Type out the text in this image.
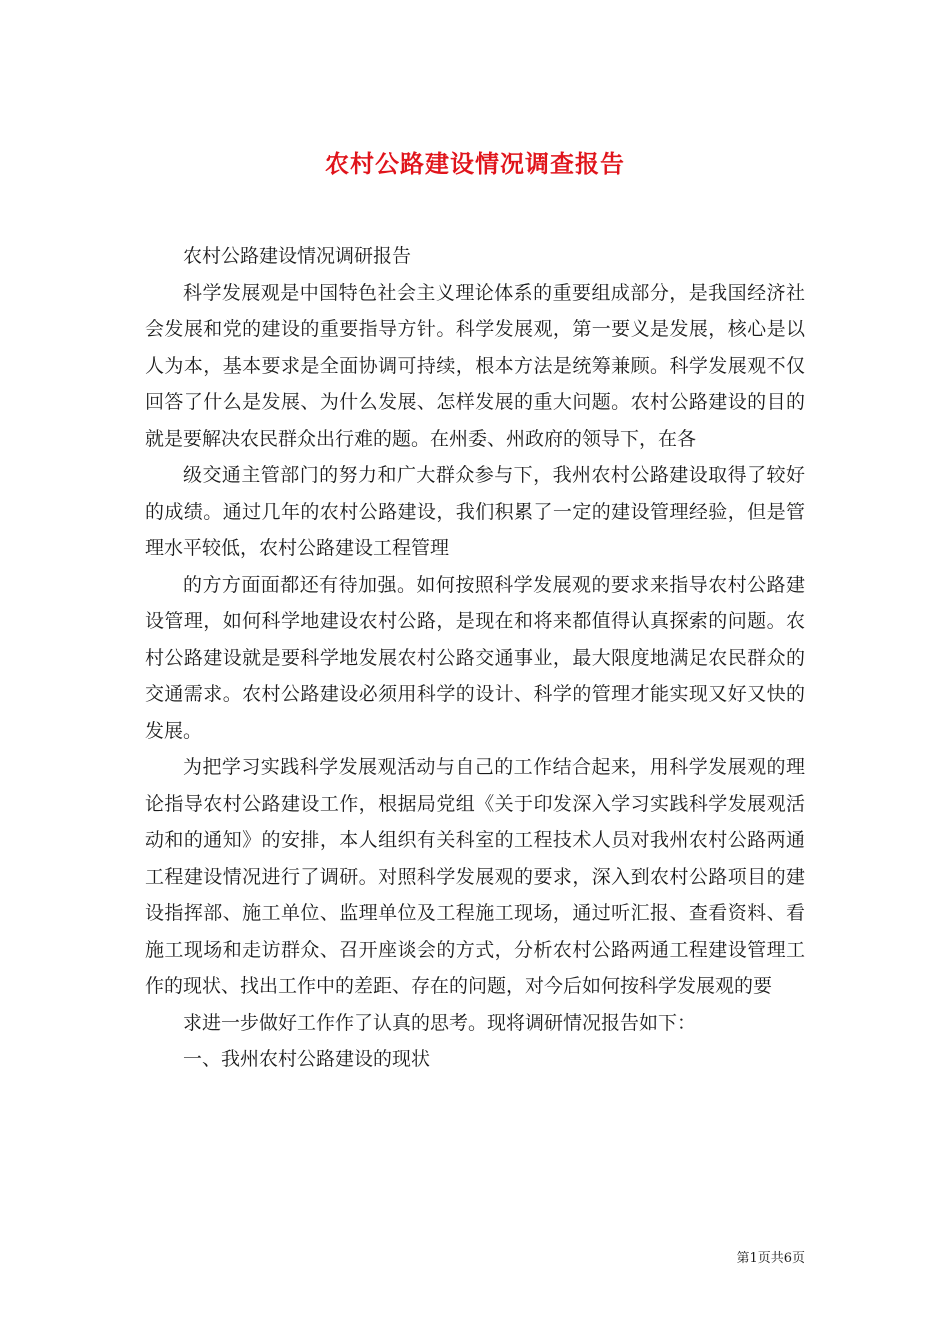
农村公路建设情况调查报告

农村公路建设情况调研报告

科学发展观是中国特色社会主义理论体系的重要组成部分，是我国经济社会发展和党的建设的重要指导方针。科学发展观，第一要义是发展，核心是以人为本，基本要求是全面协调可持续，根本方法是统筹兼顾。科学发展观不仅回答了什么是发展、为什么发展、怎样发展的重大问题。农村公路建设的目的就是要解决农民群众出行难的题。在州委、州政府的领导下，在各

级交通主管部门的努力和广大群众参与下，我州农村公路建设取得了较好的成绩。通过几年的农村公路建设，我们积累了一定的建设管理经验，但是管理水平较低，农村公路建设工程管理

的方方面面都还有待加强。如何按照科学发展观的要求来指导农村公路建设管理，如何科学地建设农村公路，是现在和将来都值得认真探索的问题。农村公路建设就是要科学地发展农村公路交通事业，最大限度地满足农民群众的交通需求。农村公路建设必须用科学的设计、科学的管理才能实现又好又快的发展。

为把学习实践科学发展观活动与自己的工作结合起来，用科学发展观的理论指导农村公路建设工作，根据局党组《关于印发深入学习实践科学发展观活动和的通知》的安排，本人组织有关科室的工程技术人员对我州农村公路两通工程建设情况进行了调研。对照科学发展观的要求，深入到农村公路项目的建设指挥部、施工单位、监理单位及工程施工现场，通过听汇报、查看资料、看施工现场和走访群众、召开座谈会的方式，分析农村公路两通工程建设管理工作的现状、找出工作中的差距、存在的问题，对今后如何按科学发展观的要

求进一步做好工作作了认真的思考。现将调研情况报告如下：

一、我州农村公路建设的现状

第1页共6页
